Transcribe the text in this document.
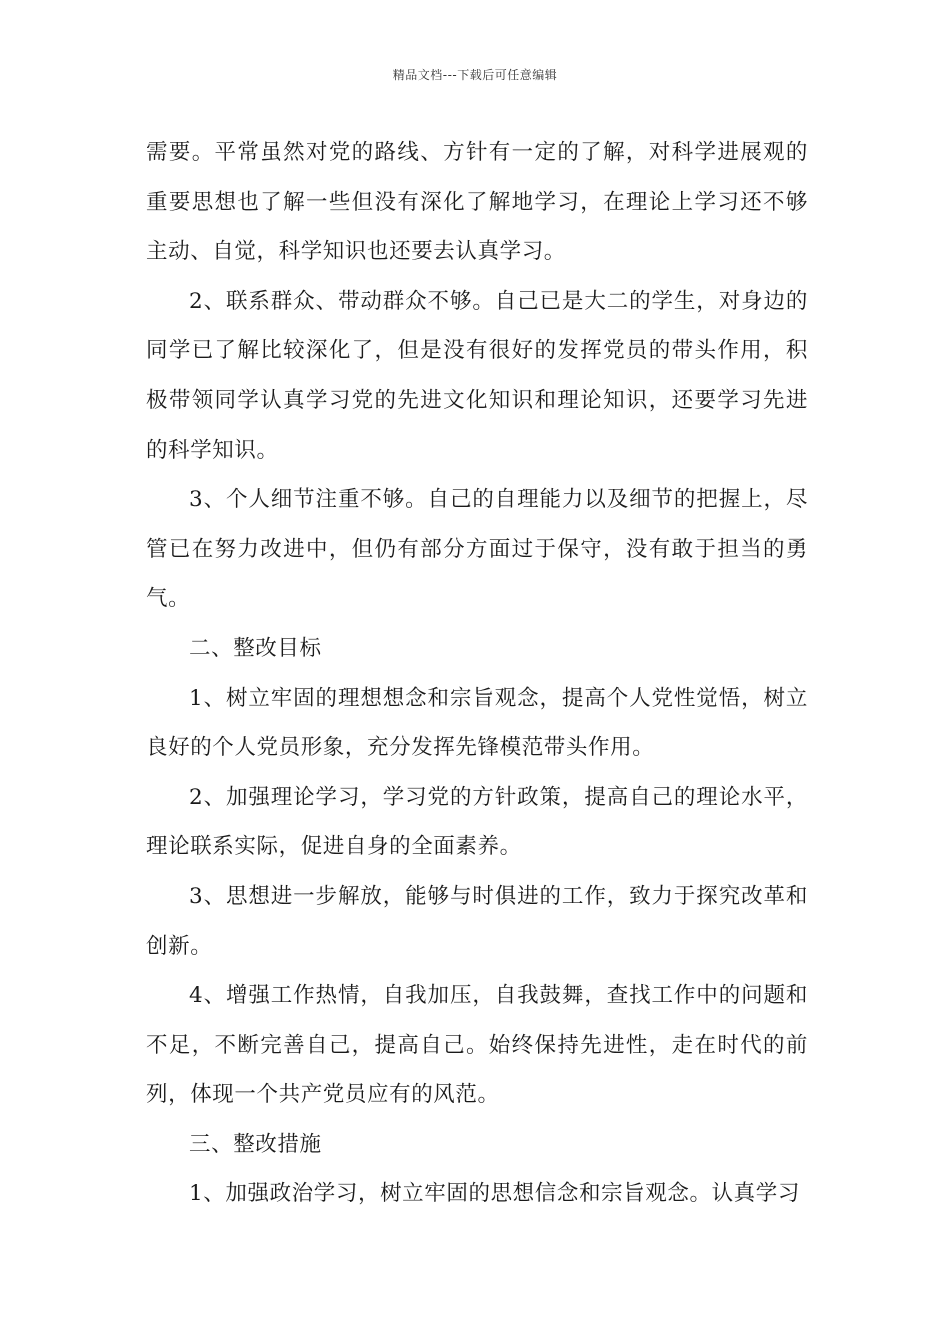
精品文档---下载后可任意编辑

需要。平常虽然对党的路线、方针有一定的了解，对科学进展观的重要思想也了解一些但没有深化了解地学习，在理论上学习还不够主动、自觉，科学知识也还要去认真学习。

2、联系群众、带动群众不够。自己已是大二的学生，对身边的同学已了解比较深化了，但是没有很好的发挥党员的带头作用，积极带领同学认真学习党的先进文化知识和理论知识，还要学习先进的科学知识。

3、个人细节注重不够。自己的自理能力以及细节的把握上，尽管已在努力改进中，但仍有部分方面过于保守，没有敢于担当的勇气。

二、整改目标

1、树立牢固的理想想念和宗旨观念，提高个人党性觉悟，树立良好的个人党员形象，充分发挥先锋模范带头作用。

2、加强理论学习，学习党的方针政策，提高自己的理论水平，理论联系实际，促进自身的全面素养。

3、思想进一步解放，能够与时俱进的工作，致力于探究改革和创新。

4、增强工作热情，自我加压，自我鼓舞，查找工作中的问题和不足，不断完善自己，提高自己。始终保持先进性，走在时代的前列，体现一个共产党员应有的风范。

三、整改措施

1、加强政治学习，树立牢固的思想信念和宗旨观念。认真学习
